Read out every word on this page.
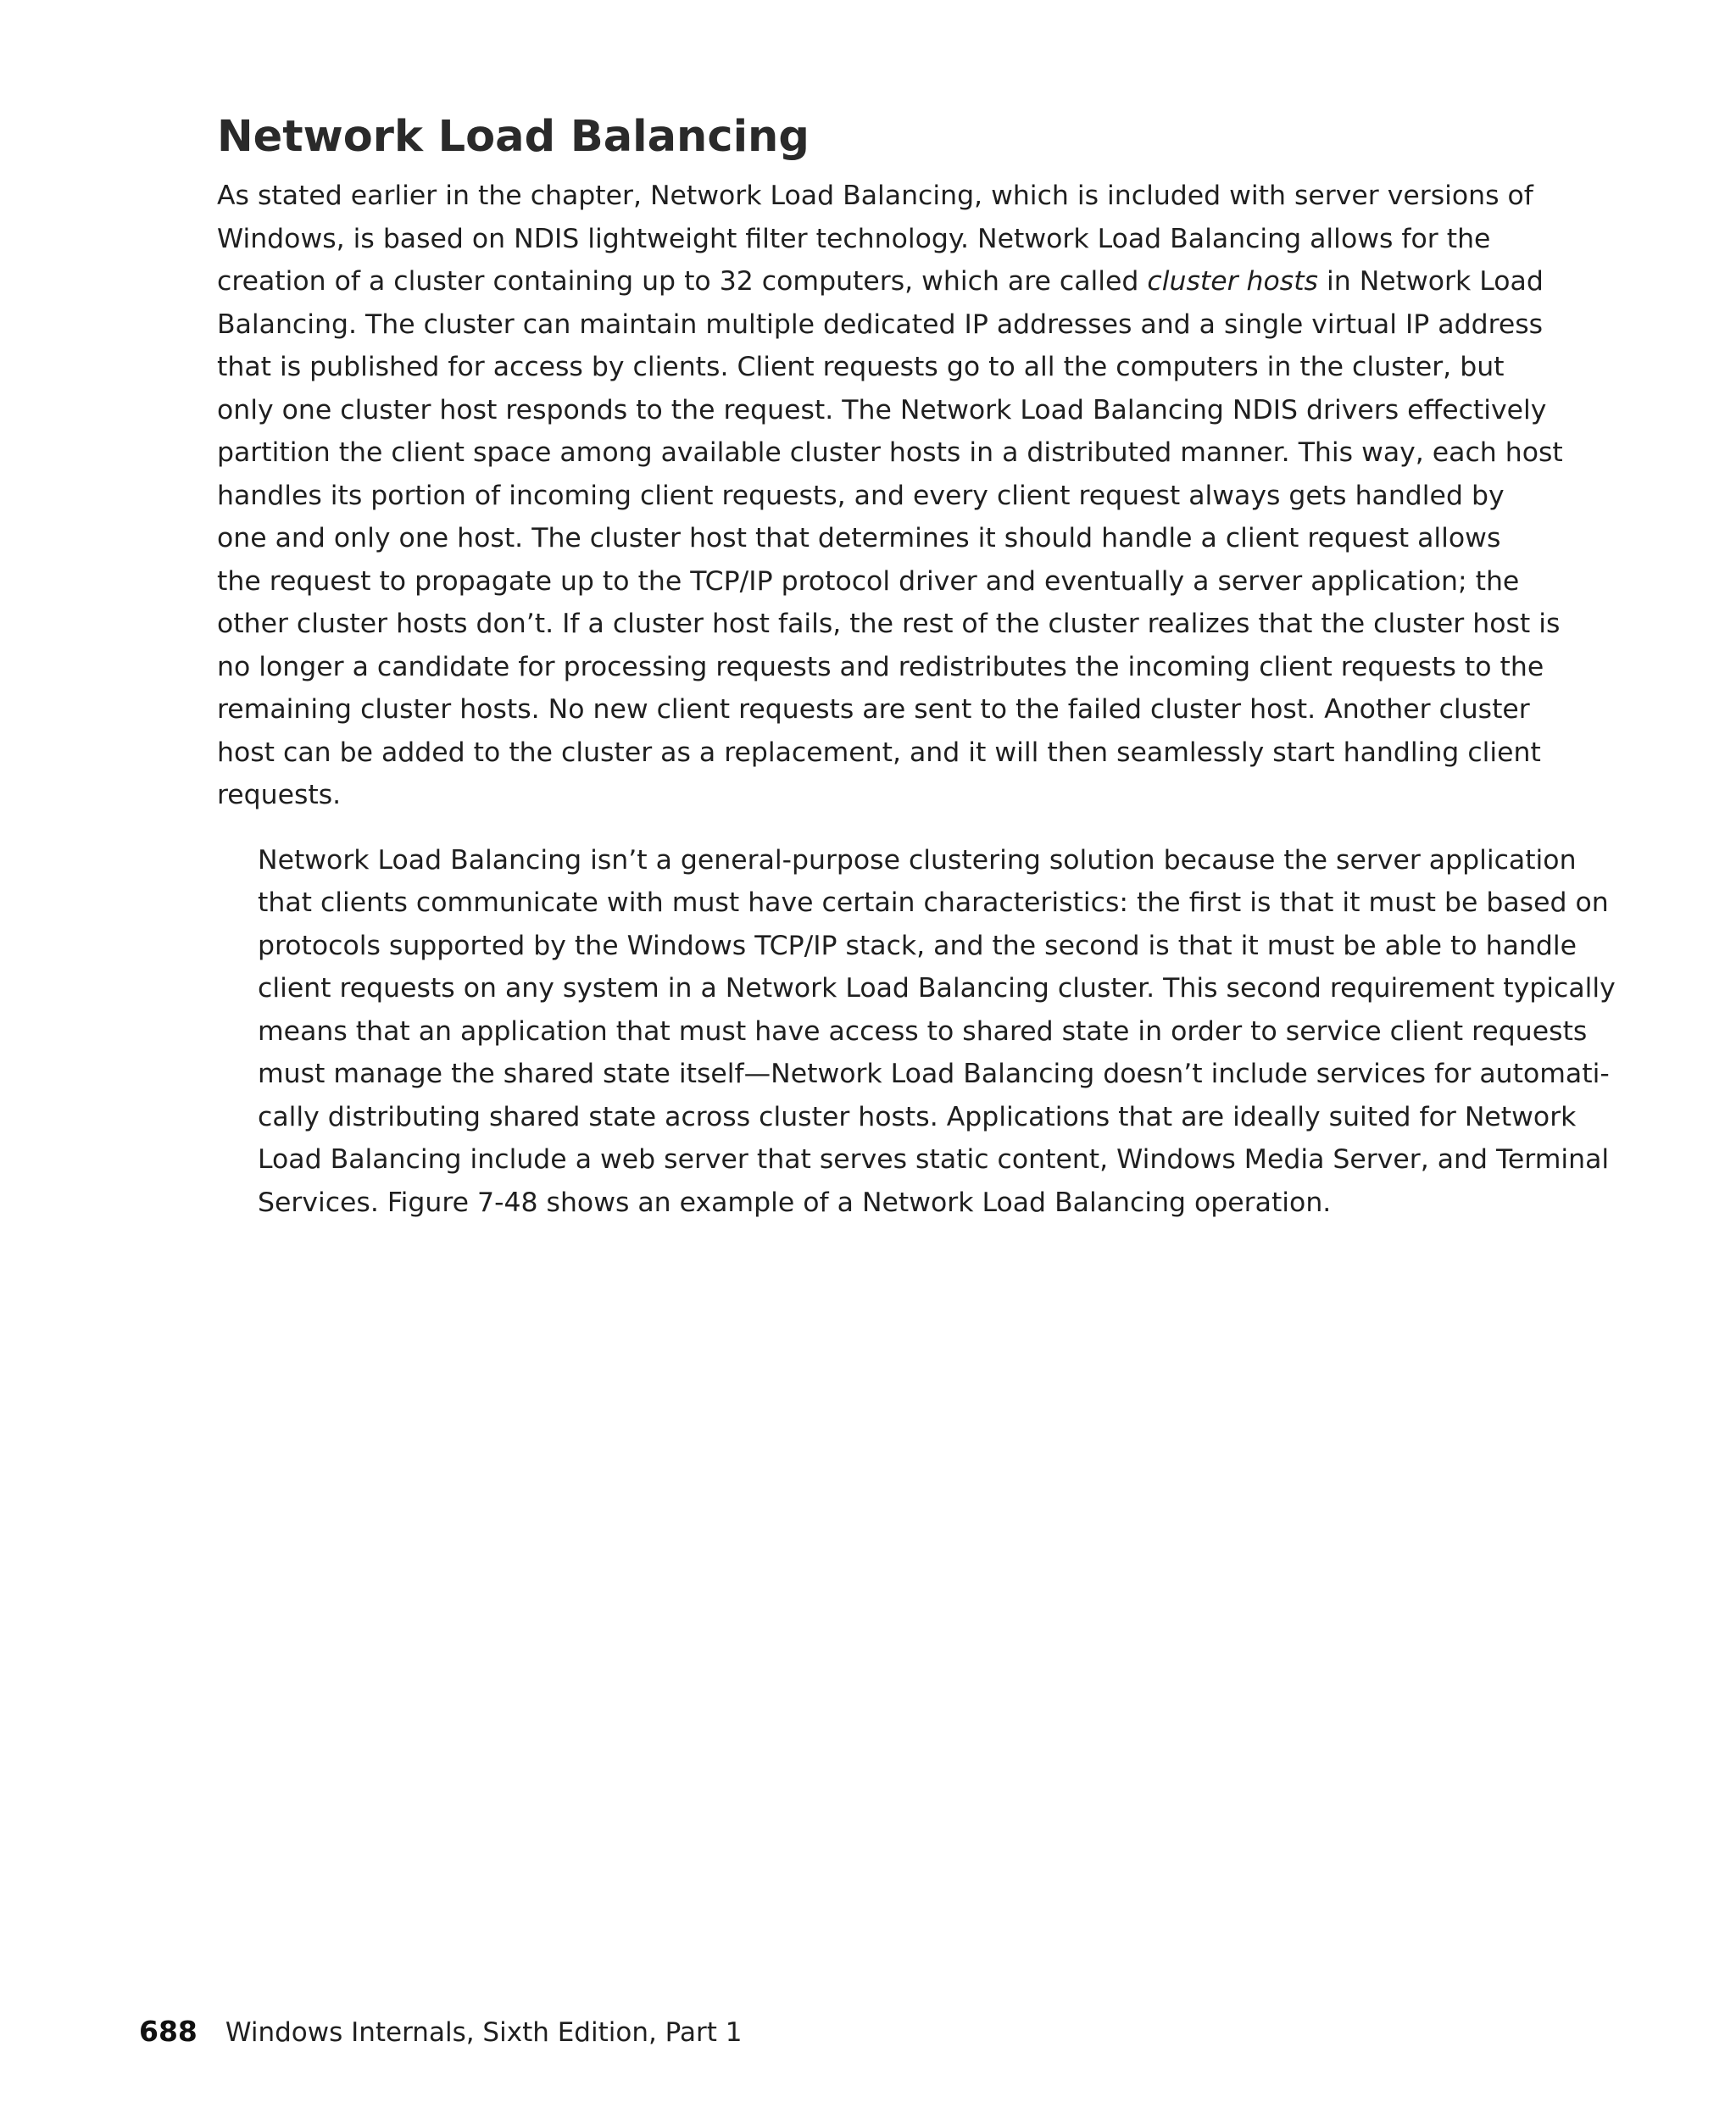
Network Load Balancing

As stated earlier in the chapter, Network Load Balancing, which is included with server versions of
Windows, is based on NDIS lightweight filter technology. Network Load Balancing allows for the
creation of a cluster containing up to 32 computers, which are called cluster hosts in Network Load
Balancing. The cluster can maintain multiple dedicated IP addresses and a single virtual IP address
that is published for access by clients. Client requests go to all the computers in the cluster, but
only one cluster host responds to the request. The Network Load Balancing NDIS drivers effectively
partition the client space among available cluster hosts in a distributed manner. This way, each host
handles its portion of incoming client requests, and every client request always gets handled by
one and only one host. The cluster host that determines it should handle a client request allows
the request to propagate up to the TCP/IP protocol driver and eventually a server application; the
other cluster hosts don’t. If a cluster host fails, the rest of the cluster realizes that the cluster host is
no longer a candidate for processing requests and redistributes the incoming client requests to the
remaining cluster hosts. No new client requests are sent to the failed cluster host. Another cluster
host can be added to the cluster as a replacement, and it will then seamlessly start handling client
requests.

Network Load Balancing isn’t a general-purpose clustering solution because the server application
that clients communicate with must have certain characteristics: the first is that it must be based on
protocols supported by the Windows TCP/IP stack, and the second is that it must be able to handle
client requests on any system in a Network Load Balancing cluster. This second requirement typically
means that an application that must have access to shared state in order to service client requests
must manage the shared state itself—Network Load Balancing doesn’t include services for automati-
cally distributing shared state across cluster hosts. Applications that are ideally suited for Network
Load Balancing include a web server that serves static content, Windows Media Server, and Terminal
Services. Figure 7-48 shows an example of a Network Load Balancing operation.

688 Windows Internals, Sixth Edition, Part 1
